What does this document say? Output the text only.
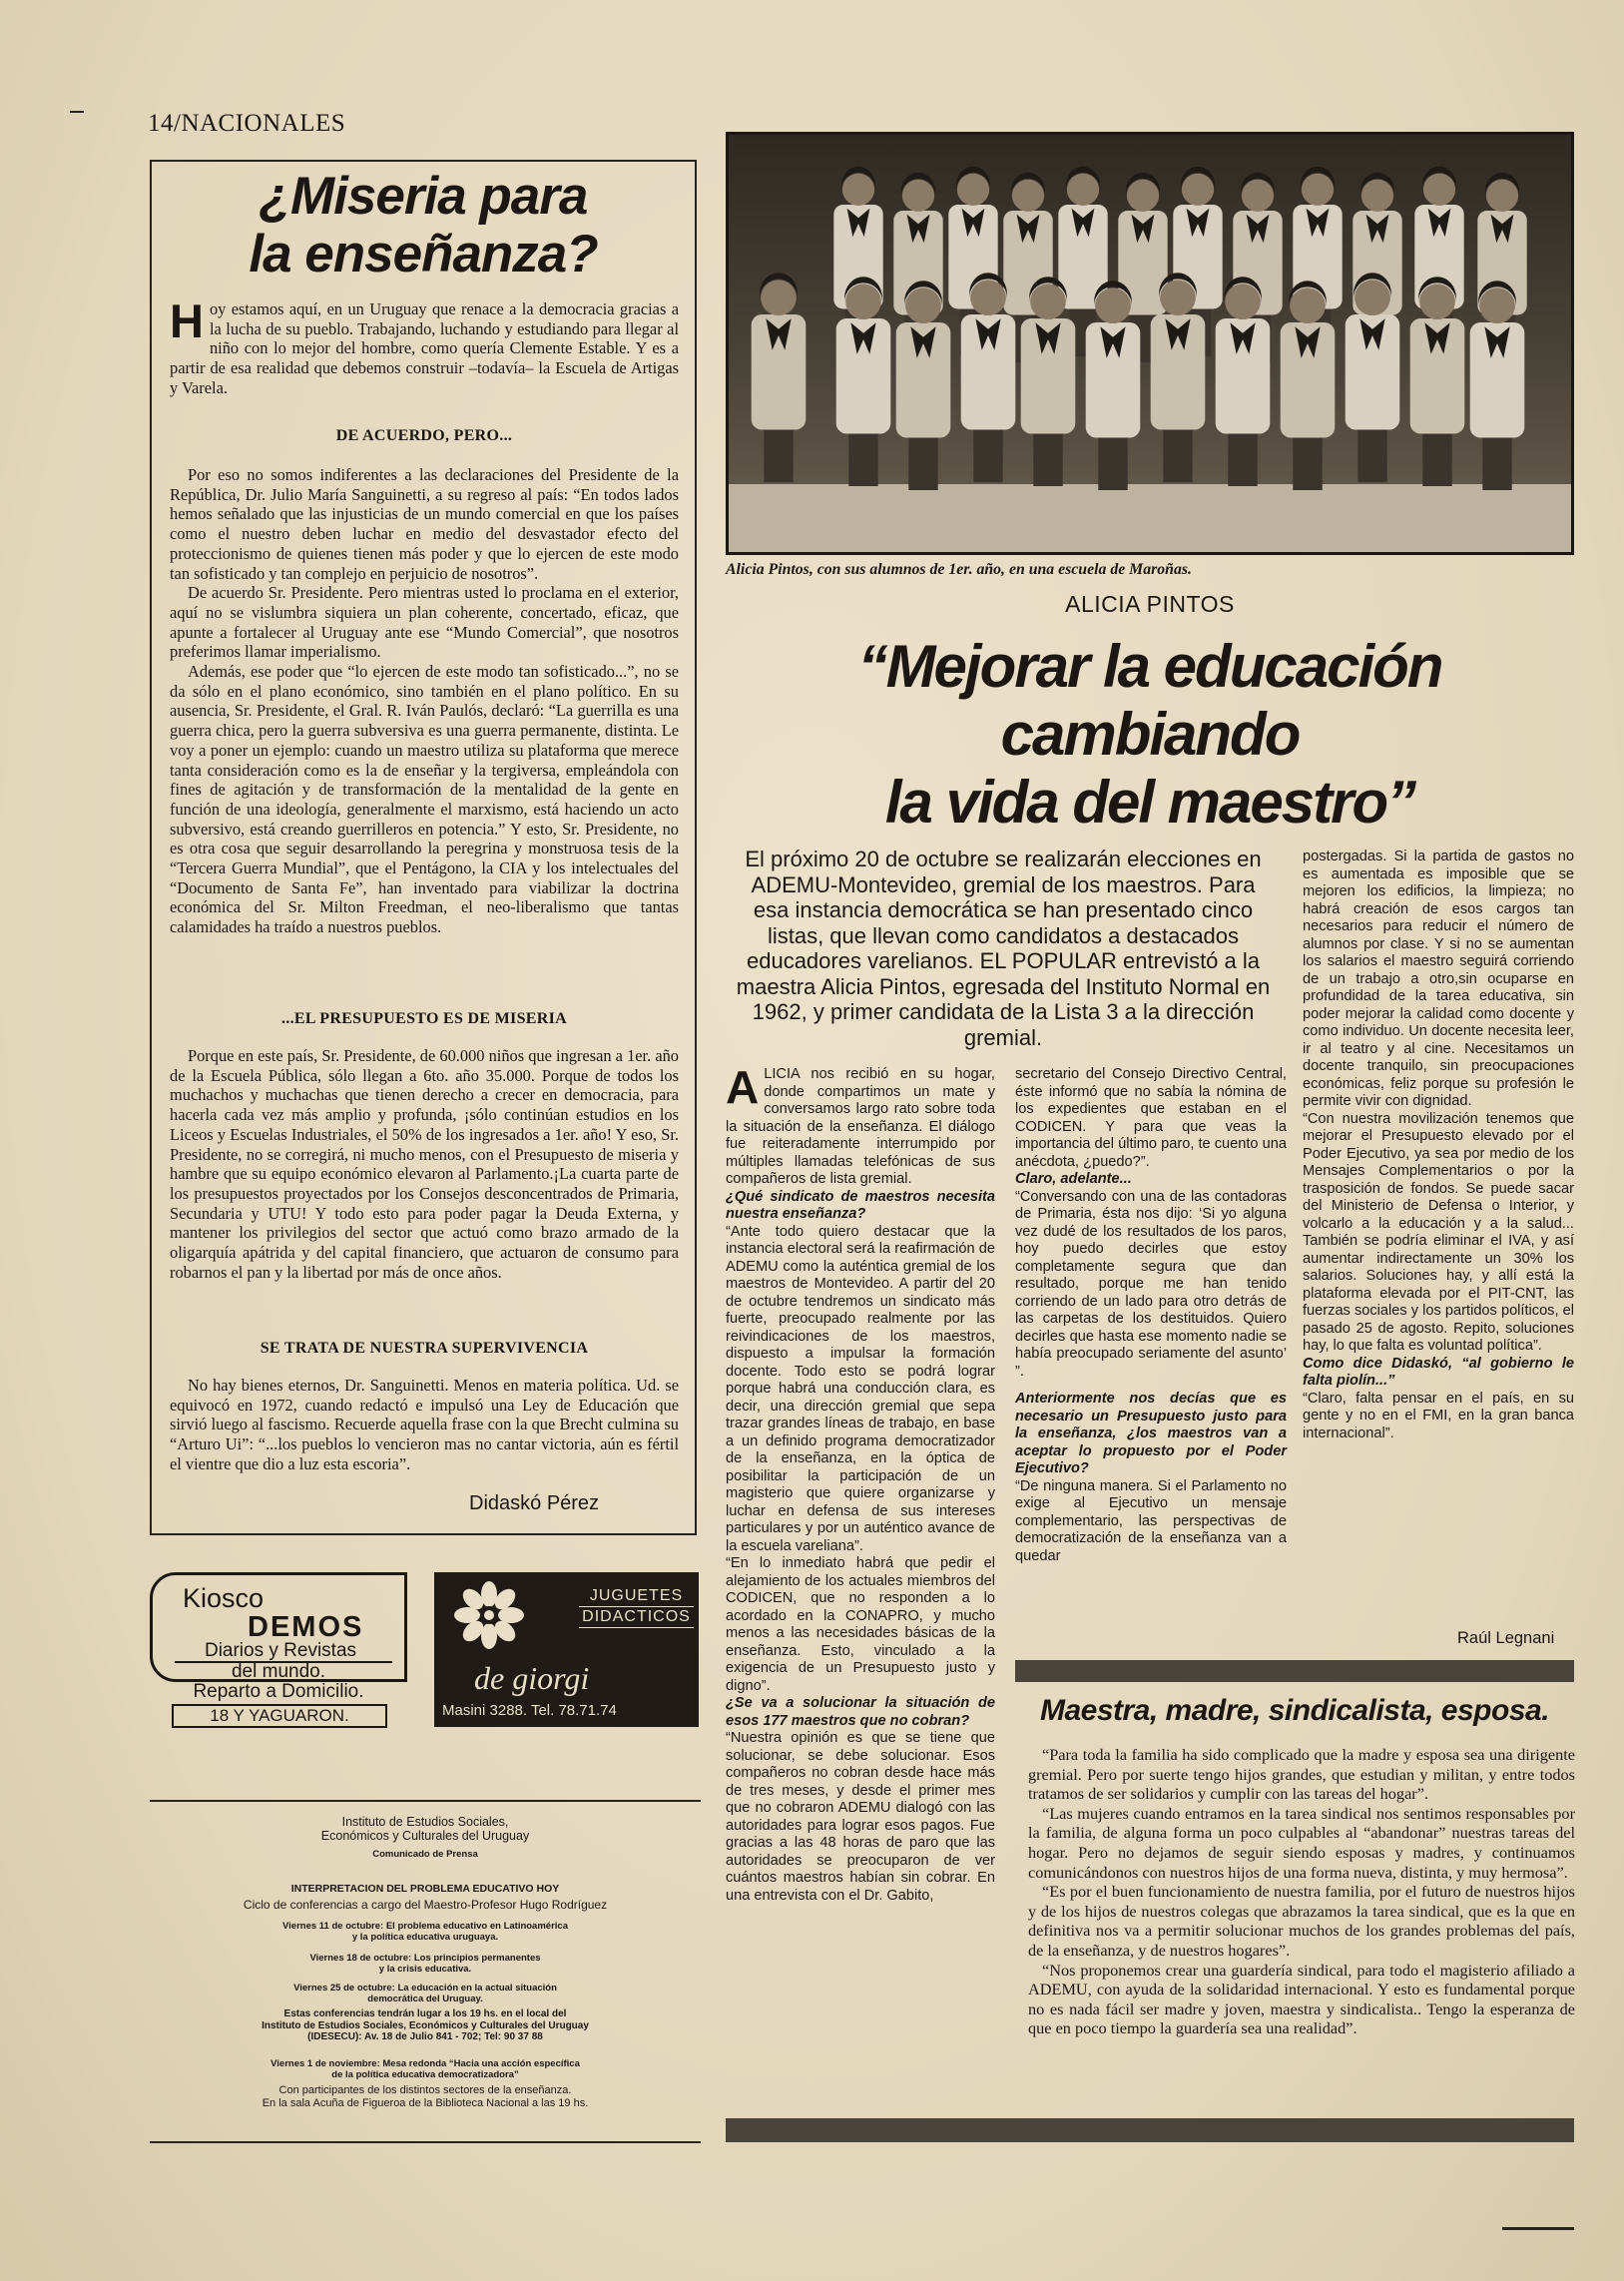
14/NACIONALES
¿Miseria para
la enseñanza?
H oy estamos aquí, en un Uruguay que renace a la democracia gracias a la lucha de su pueblo. Trabajando, luchando y estudiando para llegar al niño con lo mejor del hombre, como quería Clemente Estable. Y es a partir de esa realidad que debemos construir –todavía– la Escuela de Artigas y Varela.
DE ACUERDO, PERO...

Por eso no somos indiferentes a las declaraciones del Presidente de la República, Dr. Julio María Sanguinetti, a su regreso al país: “En todos lados hemos señalado que las injusticias de un mundo comercial en que los países como el nuestro deben luchar en medio del desvastador efecto del proteccionismo de quienes tienen más poder y que lo ejercen de este modo tan sofisticado y tan complejo en perjuicio de nosotros”.

De acuerdo Sr. Presidente. Pero mientras usted lo proclama en el exterior, aquí no se vislumbra siquiera un plan coherente, concertado, eficaz, que apunte a fortalecer al Uruguay ante ese “Mundo Comercial”, que nosotros preferimos llamar imperialismo.

Además, ese poder que “lo ejercen de este modo tan sofisticado...”, no se da sólo en el plano económico, sino también en el plano político. En su ausencia, Sr. Presidente, el Gral. R. Iván Paulós, declaró: “La guerrilla es una guerra chica, pero la guerra subversiva es una guerra permanente, distinta. Le voy a poner un ejemplo: cuando un maestro utiliza su plataforma que merece tanta consideración como es la de enseñar y la tergiversa, empleándola con fines de agitación y de transformación de la mentalidad de la gente en función de una ideología, generalmente el marxismo, está haciendo un acto subversivo, está creando guerrilleros en potencia.” Y esto, Sr. Presidente, no es otra cosa que seguir desarrollando la peregrina y monstruosa tesis de la “Tercera Guerra Mundial”, que el Pentágono, la CIA y los intelectuales del “Documento de Santa Fe”, han inventado para viabilizar la doctrina económica del Sr. Milton Freedman, el neo-liberalismo que tantas calamidades ha traído a nuestros pueblos.

...EL PRESUPUESTO ES DE MISERIA

Porque en este país, Sr. Presidente, de 60.000 niños que ingresan a 1er. año de la Escuela Pública, sólo llegan a 6to. año 35.000. Porque de todos los muchachos y muchachas que tienen derecho a crecer en democracia, para hacerla cada vez más amplio y profunda, ¡sólo continúan estudios en los Liceos y Escuelas Industriales, el 50% de los ingresados a 1er. año! Y eso, Sr. Presidente, no se corregirá, ni mucho menos, con el Presupuesto de miseria y hambre que su equipo económico elevaron al Parlamento.¡La cuarta parte de los presupuestos proyectados por los Consejos desconcentrados de Primaria, Secundaria y UTU! Y todo esto para poder pagar la Deuda Externa, y mantener los privilegios del sector que actuó como brazo armado de la oligarquía apátrida y del capital financiero, que actuaron de consumo para robarnos el pan y la libertad por más de once años.

SE TRATA DE NUESTRA SUPERVIVENCIA

No hay bienes eternos, Dr. Sanguinetti. Menos en materia política. Ud. se equivocó en 1972, cuando redactó e impulsó una Ley de Educación que sirvió luego al fascismo. Recuerde aquella frase con la que Brecht culmina su “Arturo Ui”: “...los pueblos lo vencieron mas no cantar victoria, aún es fértil el vientre que dio a luz esta escoria”.

Didaskó Pérez
Kiosco
DEMOS
Diarios y Revistas
del mundo.
Reparto a Domicilio.
18 Y YAGUARON.
JUGUETES
DIDACTICOS
de giorgi
Masini 3288. Tel. 78.71.74
Instituto de Estudios Sociales,
Económicos y Culturales del Uruguay
Comunicado de Prensa
INTERPRETACION DEL PROBLEMA EDUCATIVO HOY
Ciclo de conferencias a cargo del Maestro-Profesor Hugo Rodríguez
Viernes 11 de octubre: El problema educativo en Latinoamérica
y la política educativa uruguaya.
Viernes 18 de octubre: Los principios permanentes
y la crisis educativa.
Viernes 25 de octubre: La educación en la actual situación
democrática del Uruguay.
Estas conferencias tendrán lugar a los 19 hs. en el local del
Instituto de Estudios Sociales, Económicos y Culturales del Uruguay
(IDESECU): Av. 18 de Julio 841 - 702; Tel: 90 37 88
Viernes 1 de noviembre: Mesa redonda “Hacia una acción específica
de la política educativa democratizadora”
Con participantes de los distintos sectores de la enseñanza.
En la sala Acuña de Figueroa de la Biblioteca Nacional a las 19 hs.
Alicia Pintos, con sus alumnos de 1er. año, en una escuela de Maroñas.
ALICIA PINTOS
“Mejorar la educación
cambiando
la vida del maestro”
El próximo 20 de octubre se realizarán elecciones en ADEMU-Montevideo, gremial de los maestros. Para esa instancia democrática se han presentado cinco listas, que llevan como candidatos a destacados educadores varelianos. EL POPULAR entrevistó a la maestra Alicia Pintos, egresada del Instituto Normal en 1962, y primer candidata de la Lista 3 a la dirección gremial.

ALICIA nos recibió en su hogar, donde compartimos un mate y conversamos largo rato sobre toda la situación de la enseñanza. El diálogo fue reiteradamente interrumpido por múltiples llamadas telefónicas de sus compañeros de lista gremial.

¿Qué sindicato de maestros necesita nuestra enseñanza?

“Ante todo quiero destacar que la instancia electoral será la reafirmación de ADEMU como la auténtica gremial de los maestros de Montevideo. A partir del 20 de octubre tendremos un sindicato más fuerte, preocupado realmente por las reivindicaciones de los maestros, dispuesto a impulsar la formación docente. Todo esto se podrá lograr porque habrá una conducción clara, es decir, una dirección gremial que sepa trazar grandes líneas de trabajo, en base a un definido programa democratizador de la enseñanza, en la óptica de posibilitar la participación de un magisterio que quiere organizarse y luchar en defensa de sus intereses particulares y por un auténtico avance de la escuela vareliana”.

“En lo inmediato habrá que pedir el alejamiento de los actuales miembros del CODICEN, que no responden a lo acordado en la CONAPRO, y mucho menos a las necesidades básicas de la enseñanza. Esto, vinculado a la exigencia de un Presupuesto justo y digno”.

¿Se va a solucionar la situación de esos 177 maestros que no cobran?

“Nuestra opinión es que se tiene que solucionar, se debe solucionar. Esos compañeros no cobran desde hace más de tres meses, y desde el primer mes que no cobraron ADEMU dialogó con las autoridades para lograr esos pagos. Fue gracias a las 48 horas de paro que las autoridades se preocuparon de ver cuántos maestros habían sin cobrar. En una entrevista con el Dr. Gabito,

secretario del Consejo Directivo Central, éste informó que no sabía la nómina de los expedientes que estaban en el CODICEN. Y para que veas la importancia del último paro, te cuento una anécdota, ¿puedo?”.

Claro, adelante...

“Conversando con una de las contadoras de Primaria, ésta nos dijo: ‘Si yo alguna vez dudé de los resultados de los paros, hoy puedo decirles que estoy completamente segura que dan resultado, porque me han tenido corriendo de un lado para otro detrás de las carpetas de los destituidos. Quiero decirles que hasta ese momento nadie se había preocupado seriamente del asunto’ ”.

Anteriormente nos decías que es necesario un Presupuesto justo para la enseñanza, ¿los maestros van a aceptar lo propuesto por el Poder Ejecutivo?

“De ninguna manera. Si el Parlamento no exige al Ejecutivo un mensaje complementario, las perspectivas de democratización de la enseñanza van a quedar

postergadas. Si la partida de gastos no es aumentada es imposible que se mejoren los edificios, la limpieza; no habrá creación de esos cargos tan necesarios para reducir el número de alumnos por clase. Y si no se aumentan los salarios el maestro seguirá corriendo de un trabajo a otro,sin ocuparse en profundidad de la tarea educativa, sin poder mejorar la calidad como docente y como individuo. Un docente necesita leer, ir al teatro y al cine. Necesitamos un docente tranquilo, sin preocupaciones económicas, feliz porque su profesión le permite vivir con dignidad.

“Con nuestra movilización tenemos que mejorar el Presupuesto elevado por el Poder Ejecutivo, ya sea por medio de los Mensajes Complementarios o por la trasposición de fondos. Se puede sacar del Ministerio de Defensa o Interior, y volcarlo a la educación y a la salud... También se podría eliminar el IVA, y así aumentar indirectamente un 30% los salarios. Soluciones hay, y allí está la plataforma elevada por el PIT-CNT, las fuerzas sociales y los partidos políticos, el pasado 25 de agosto. Repito, soluciones hay, lo que falta es voluntad política”.

Como dice Didaskó, “al gobierno le falta piolín...”

“Claro, falta pensar en el país, en su gente y no en el FMI, en la gran banca internacional”.

Raúl Legnani
Maestra, madre, sindicalista, esposa.

“Para toda la familia ha sido complicado que la madre y esposa sea una dirigente gremial. Pero por suerte tengo hijos grandes, que estudian y militan, y entre todos tratamos de ser solidarios y cumplir con las tareas del hogar”.

“Las mujeres cuando entramos en la tarea sindical nos sentimos responsables por la familia, de alguna forma un poco culpables al “abandonar” nuestras tareas del hogar. Pero no dejamos de seguir siendo esposas y madres, y continuamos comunicándonos con nuestros hijos de una forma nueva, distinta, y muy hermosa”.

“Es por el buen funcionamiento de nuestra familia, por el futuro de nuestros hijos y de los hijos de nuestros colegas que abrazamos la tarea sindical, que es la que en definitiva nos va a permitir solucionar muchos de los grandes problemas del país, de la enseñanza, y de nuestros hogares”.

“Nos proponemos crear una guardería sindical, para todo el magisterio afiliado a ADEMU, con ayuda de la solidaridad internacional. Y esto es fundamental porque no es nada fácil ser madre y joven, maestra y sindicalista.. Tengo la esperanza de que en poco tiempo la guardería sea una realidad”.
